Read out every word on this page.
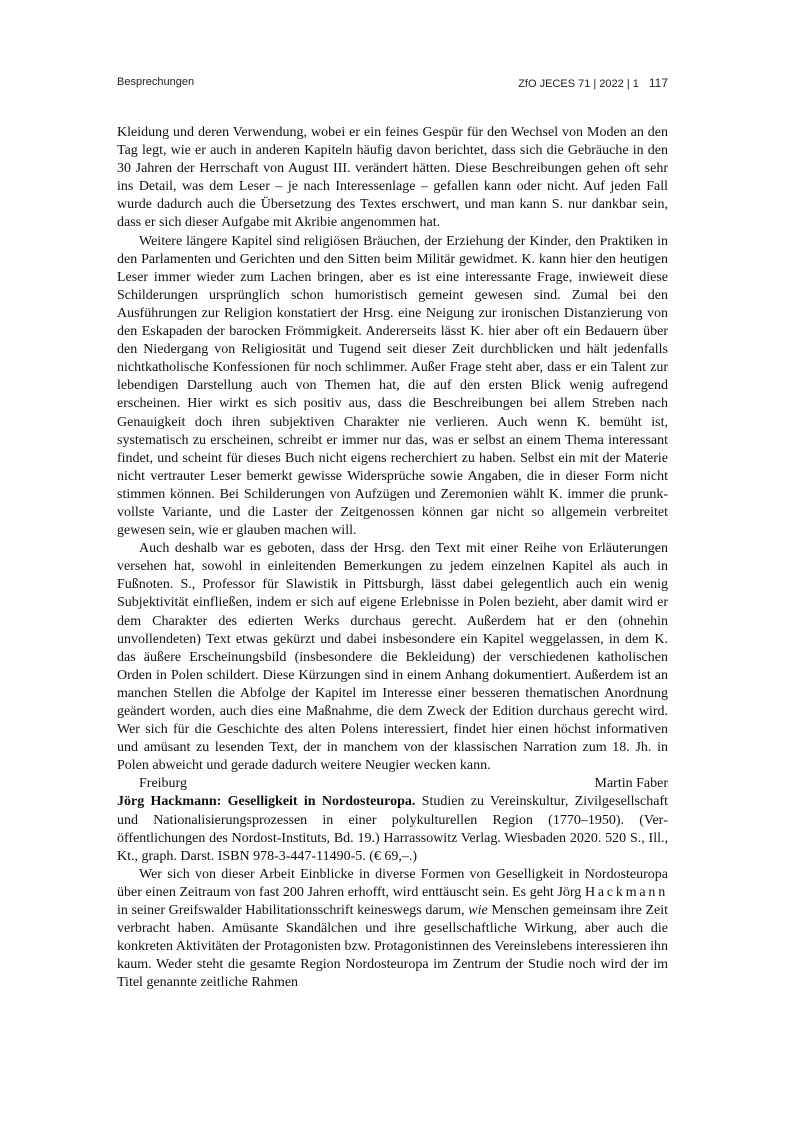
Besprechungen	ZfO JECES 71 | 2022 | 1 117

Kleidung und deren Verwendung, wobei er ein feines Gespür für den Wechsel von Moden an den Tag legt, wie er auch in anderen Kapiteln häufig davon berichtet, dass sich die Gebräuche in den 30 Jahren der Herrschaft von August III. verändert hätten. Diese Beschreibungen gehen oft sehr ins Detail, was dem Leser – je nach Interessenlage – gefallen kann oder nicht. Auf jeden Fall wurde dadurch auch die Übersetzung des Textes erschwert, und man kann S. nur dankbar sein, dass er sich dieser Aufgabe mit Akribie angenommen hat.

Weitere längere Kapitel sind religiösen Bräuchen, der Erziehung der Kinder, den Praktiken in den Parlamenten und Gerichten und den Sitten beim Militär gewidmet. K. kann hier den heutigen Leser immer wieder zum Lachen bringen, aber es ist eine interessante Frage, inwieweit diese Schilderungen ursprünglich schon humoristisch gemeint gewesen sind. Zumal bei den Ausführungen zur Religion konstatiert der Hrsg. eine Neigung zur ironischen Distanzierung von den Eskapaden der barocken Frömmigkeit. Andererseits lässt K. hier aber oft ein Bedauern über den Niedergang von Religiosität und Tugend seit dieser Zeit durchblicken und hält jedenfalls nichtkatholische Konfessionen für noch schlimmer. Außer Frage steht aber, dass er ein Talent zur lebendigen Darstellung auch von Themen hat, die auf den ersten Blick wenig aufregend erscheinen. Hier wirkt es sich positiv aus, dass die Beschreibungen bei allem Streben nach Genauigkeit doch ihren subjektiven Charakter nie verlieren. Auch wenn K. bemüht ist, systematisch zu erscheinen, schreibt er immer nur das, was er selbst an einem Thema interessant findet, und scheint für dieses Buch nicht eigens recherchiert zu haben. Selbst ein mit der Materie nicht vertrauter Leser bemerkt gewisse Widersprüche sowie Angaben, die in dieser Form nicht stimmen können. Bei Schilderungen von Aufzügen und Zeremonien wählt K. immer die prunkvollste Variante, und die Laster der Zeitgenossen können gar nicht so allgemein verbreitet gewesen sein, wie er glauben machen will.

Auch deshalb war es geboten, dass der Hrsg. den Text mit einer Reihe von Erläuterungen versehen hat, sowohl in einleitenden Bemerkungen zu jedem einzelnen Kapitel als auch in Fußnoten. S., Professor für Slawistik in Pittsburgh, lässt dabei gelegentlich auch ein wenig Subjektivität einfließen, indem er sich auf eigene Erlebnisse in Polen bezieht, aber damit wird er dem Charakter des edierten Werks durchaus gerecht. Außerdem hat er den (ohnehin unvollendeten) Text etwas gekürzt und dabei insbesondere ein Kapitel weggelassen, in dem K. das äußere Erscheinungsbild (insbesondere die Bekleidung) der verschiedenen katholischen Orden in Polen schildert. Diese Kürzungen sind in einem Anhang dokumentiert. Außerdem ist an manchen Stellen die Abfolge der Kapitel im Interesse einer besseren thematischen Anordnung geändert worden, auch dies eine Maßnahme, die dem Zweck der Edition durchaus gerecht wird. Wer sich für die Geschichte des alten Polens interessiert, findet hier einen höchst informativen und amüsant zu lesenden Text, der in manchem von der klassischen Narration zum 18. Jh. in Polen abweicht und gerade dadurch weitere Neugier wecken kann.

Freiburg	Martin Faber

Jörg Hackmann: Geselligkeit in Nordosteuropa. Studien zu Vereinskultur, Zivilgesellschaft und Nationalisierungsprozessen in einer polykulturellen Region (1770–1950). (Veröffentlichungen des Nordost-Instituts, Bd. 19.) Harrassowitz Verlag. Wiesbaden 2020. 520 S., Ill., Kt., graph. Darst. ISBN 978-3-447-11490-5. (€ 69,–.)

Wer sich von dieser Arbeit Einblicke in diverse Formen von Geselligkeit in Nordosteuropa über einen Zeitraum von fast 200 Jahren erhofft, wird enttäuscht sein. Es geht Jörg Hackmann in seiner Greifswalder Habilitationsschrift keineswegs darum, wie Menschen gemeinsam ihre Zeit verbracht haben. Amüsante Skandälchen und ihre gesellschaftliche Wirkung, aber auch die konkreten Aktivitäten der Protagonisten bzw. Protagonistinnen des Vereinslebens interessieren ihn kaum. Weder steht die gesamte Region Nordosteuropa im Zentrum der Studie noch wird der im Titel genannte zeitliche Rahmen
